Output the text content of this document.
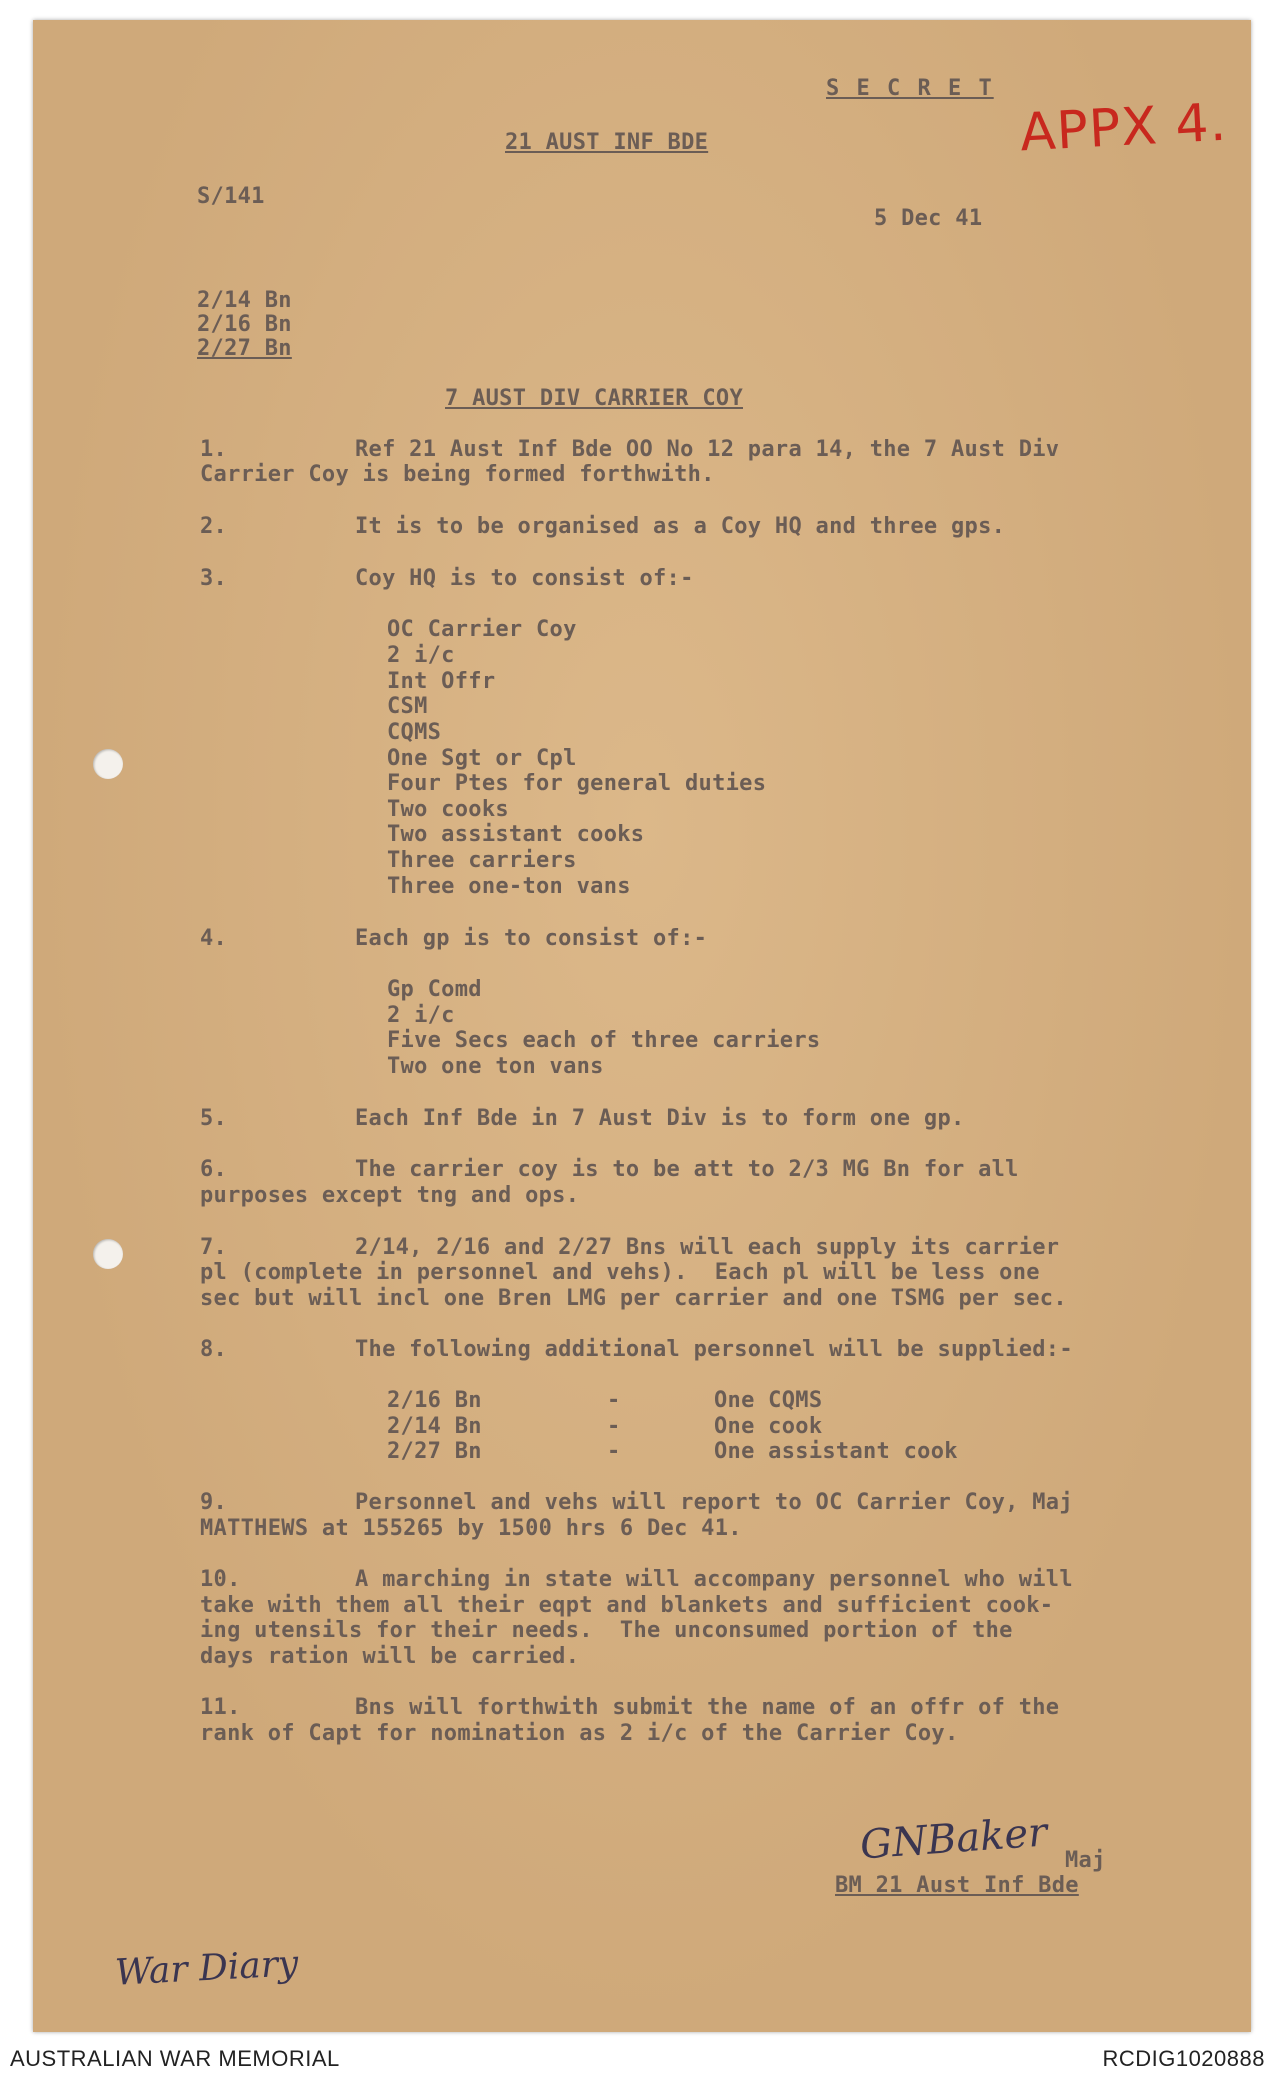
S E C R E T
APPX 4.
21 AUST INF BDE
S/141
5 Dec 41
2/14 Bn
2/16 Bn
2/27 Bn
7 AUST DIV CARRIER COY
1.	Ref 21 Aust Inf Bde OO No 12 para 14, the 7 Aust Div
Carrier Coy is being formed forthwith.
2.	It is to be organised as a Coy HQ and three gps.
3.	Coy HQ is to consist of:-
OC Carrier Coy
2 i/c
Int Offr
CSM
CQMS
One Sgt or Cpl
Four Ptes for general duties
Two cooks
Two assistant cooks
Three carriers
Three one-ton vans
4.	Each gp is to consist of:-
Gp Comd
2 i/c
Five Secs each of three carriers
Two one ton vans
5.	Each Inf Bde in 7 Aust Div is to form one gp.
6.	The carrier coy is to be att to 2/3 MG Bn for all
purposes except tng and ops.
7.	2/14, 2/16 and 2/27 Bns will each supply its carrier
pl (complete in personnel and vehs).  Each pl will be less one
sec but will incl one Bren LMG per carrier and one TSMG per sec.
8.	The following additional personnel will be supplied:-
2/16 Bn	-	One CQMS
2/14 Bn	-	One cook
2/27 Bn	-	One assistant cook
9.	Personnel and vehs will report to OC Carrier Coy, Maj
MATTHEWS at 155265 by 1500 hrs 6 Dec 41.
10.	A marching in state will accompany personnel who will
take with them all their eqpt and blankets and sufficient cook-
ing utensils for their needs.  The unconsumed portion of the
days ration will be carried.
11.	Bns will forthwith submit the name of an offr of the
rank of Capt for nomination as 2 i/c of the Carrier Coy.
GNBaker Maj
BM 21 Aust Inf Bde
War Diary
AUSTRALIAN WAR MEMORIAL	RCDIG1020888
